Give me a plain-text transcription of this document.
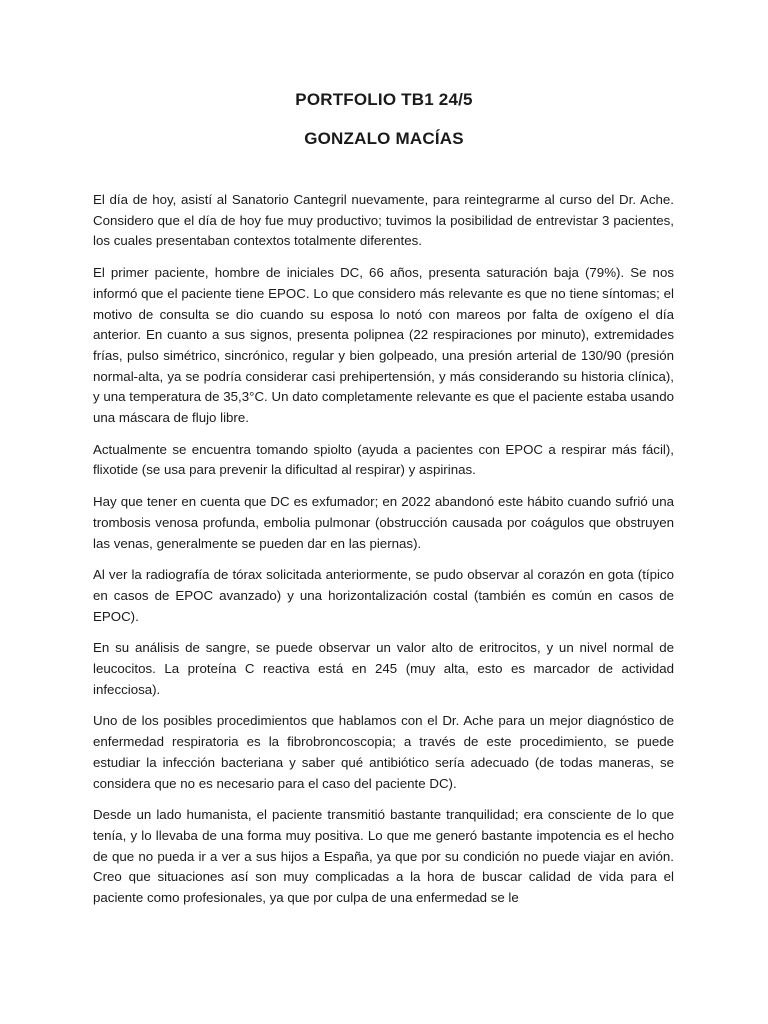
PORTFOLIO TB1 24/5
GONZALO MACÍAS

El día de hoy, asistí al Sanatorio Cantegril nuevamente, para reintegrarme al curso del Dr. Ache. Considero que el día de hoy fue muy productivo; tuvimos la posibilidad de entrevistar 3 pacientes, los cuales presentaban contextos totalmente diferentes.

El primer paciente, hombre de iniciales DC, 66 años, presenta saturación baja (79%). Se nos informó que el paciente tiene EPOC. Lo que considero más relevante es que no tiene síntomas; el motivo de consulta se dio cuando su esposa lo notó con mareos por falta de oxígeno el día anterior. En cuanto a sus signos, presenta polipnea (22 respiraciones por minuto), extremidades frías, pulso simétrico, sincrónico, regular y bien golpeado, una presión arterial de 130/90 (presión normal-alta, ya se podría considerar casi prehipertensión, y más considerando su historia clínica), y una temperatura de 35,3°C. Un dato completamente relevante es que el paciente estaba usando una máscara de flujo libre.

Actualmente se encuentra tomando spiolto (ayuda a pacientes con EPOC a respirar más fácil), flixotide (se usa para prevenir la dificultad al respirar) y aspirinas.

Hay que tener en cuenta que DC es exfumador; en 2022 abandonó este hábito cuando sufrió una trombosis venosa profunda, embolia pulmonar (obstrucción causada por coágulos que obstruyen las venas, generalmente se pueden dar en las piernas).

Al ver la radiografía de tórax solicitada anteriormente, se pudo observar al corazón en gota (típico en casos de EPOC avanzado) y una horizontalización costal (también es común en casos de EPOC).

En su análisis de sangre, se puede observar un valor alto de eritrocitos, y un nivel normal de leucocitos. La proteína C reactiva está en 245 (muy alta, esto es marcador de actividad infecciosa).

Uno de los posibles procedimientos que hablamos con el Dr. Ache para un mejor diagnóstico de enfermedad respiratoria es la fibrobroncoscopia; a través de este procedimiento, se puede estudiar la infección bacteriana y saber qué antibiótico sería adecuado (de todas maneras, se considera que no es necesario para el caso del paciente DC).

Desde un lado humanista, el paciente transmitió bastante tranquilidad; era consciente de lo que tenía, y lo llevaba de una forma muy positiva. Lo que me generó bastante impotencia es el hecho de que no pueda ir a ver a sus hijos a España, ya que por su condición no puede viajar en avión. Creo que situaciones así son muy complicadas a la hora de buscar calidad de vida para el paciente como profesionales, ya que por culpa de una enfermedad se le
